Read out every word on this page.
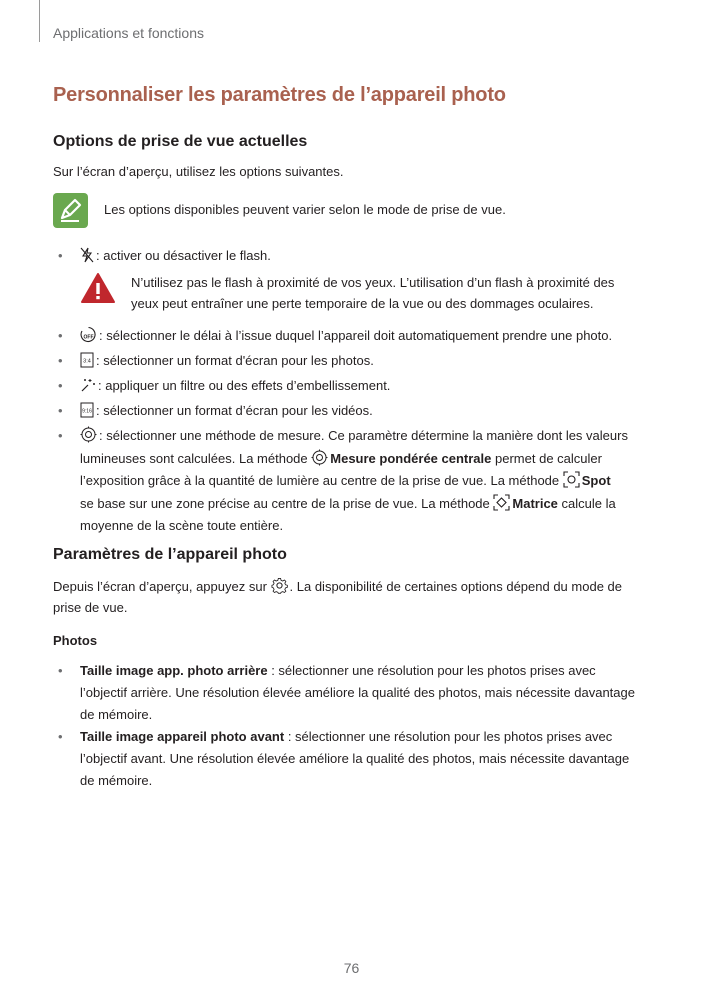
Applications et fonctions
Personnaliser les paramètres de l’appareil photo
Options de prise de vue actuelles
Sur l’écran d’aperçu, utilisez les options suivantes.
Les options disponibles peuvent varier selon le mode de prise de vue.
•	: activer ou désactiver le flash.
N’utilisez pas le flash à proximité de vos yeux. L’utilisation d’un flash à proximité des
yeux peut entraîner une perte temporaire de la vue ou des dommages oculaires.
•	OFF : sélectionner le délai à l’issue duquel l’appareil doit automatiquement prendre une photo.
•	3:4 : sélectionner un format d'écran pour les photos.
•	: appliquer un filtre ou des effets d’embellissement.
•	9:16 : sélectionner un format d’écran pour les vidéos.
•	: sélectionner une méthode de mesure. Ce paramètre détermine la manière dont les valeurs
lumineuses sont calculées. La méthode Mesure pondérée centrale permet de calculer
l’exposition grâce à la quantité de lumière au centre de la prise de vue. La méthode Spot
se base sur une zone précise au centre de la prise de vue. La méthode Matrice calcule la
moyenne de la scène toute entière.
Paramètres de l’appareil photo
Depuis l’écran d’aperçu, appuyez sur . La disponibilité de certaines options dépend du mode de
prise de vue.
Photos
• Taille image app. photo arrière : sélectionner une résolution pour les photos prises avec
l’objectif arrière. Une résolution élevée améliore la qualité des photos, mais nécessite davantage
de mémoire.
• Taille image appareil photo avant : sélectionner une résolution pour les photos prises avec
l’objectif avant. Une résolution élevée améliore la qualité des photos, mais nécessite davantage
de mémoire.
76
